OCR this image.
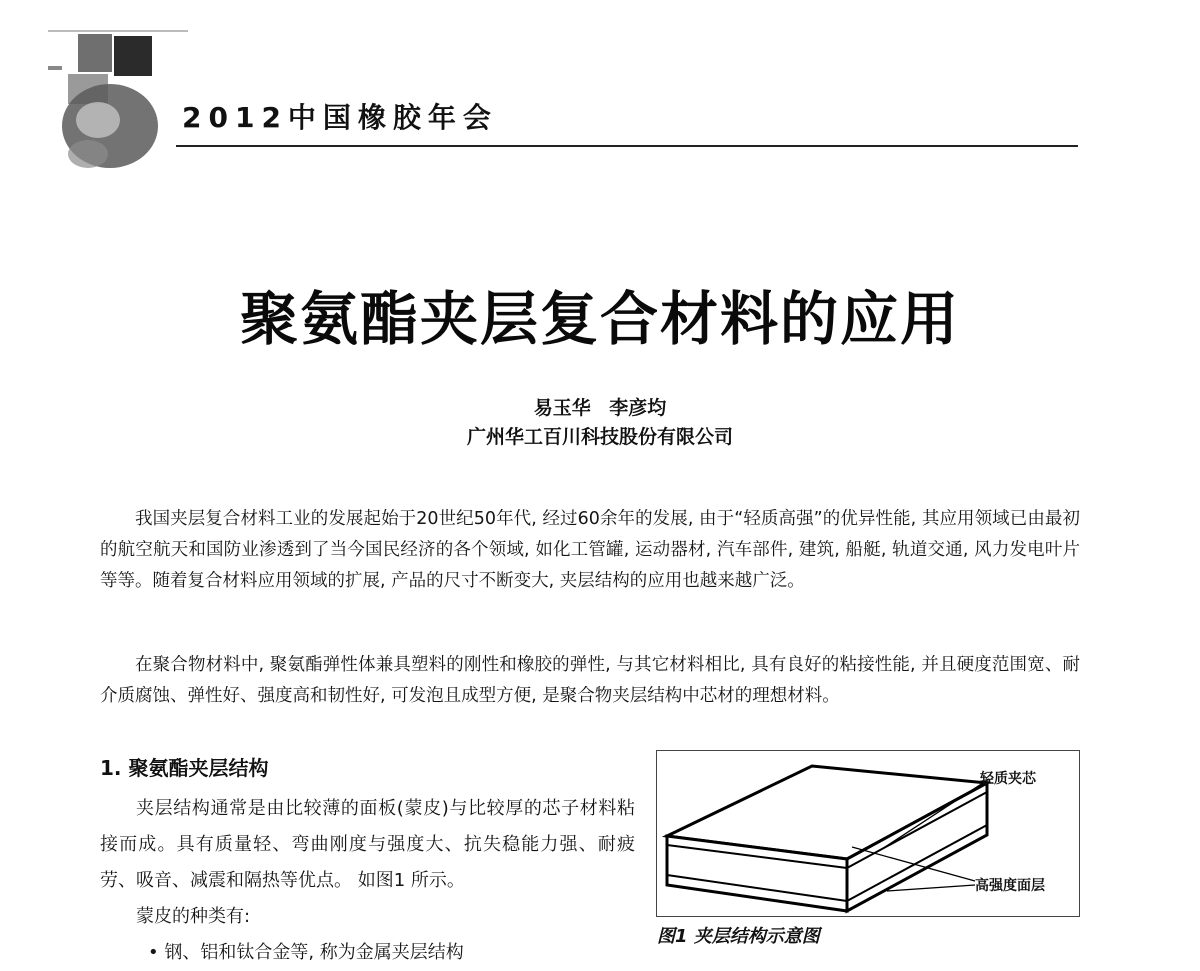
2012中国橡胶年会
聚氨酯夹层复合材料的应用
易玉华 李彦均
广州华工百川科技股份有限公司

我国夹层复合材料工业的发展起始于20世纪50年代, 经过60余年的发展, 由于“轻质高强”的优异性能, 其应用领域已由最初的航空航天和国防业渗透到了当今国民经济的各个领域, 如化工管罐, 运动器材, 汽车部件, 建筑, 船艇, 轨道交通, 风力发电叶片等等。随着复合材料应用领域的扩展, 产品的尺寸不断变大, 夹层结构的应用也越来越广泛。

在聚合物材料中, 聚氨酯弹性体兼具塑料的刚性和橡胶的弹性, 与其它材料相比, 具有良好的粘接性能, 并且硬度范围宽、耐介质腐蚀、弹性好、强度高和韧性好, 可发泡且成型方便, 是聚合物夹层结构中芯材的理想材料。

1. 聚氨酯夹层结构

夹层结构通常是由比较薄的面板(蒙皮)与比较厚的芯子材料粘接而成。具有质量轻、弯曲刚度与强度大、抗失稳能力强、耐疲劳、吸音、减震和隔热等优点。 如图1 所示。

蒙皮的种类有:

• 钢、铝和钛合金等, 称为金属夹层结构

轻质夹芯
高强度面层
图1 夹层结构示意图
